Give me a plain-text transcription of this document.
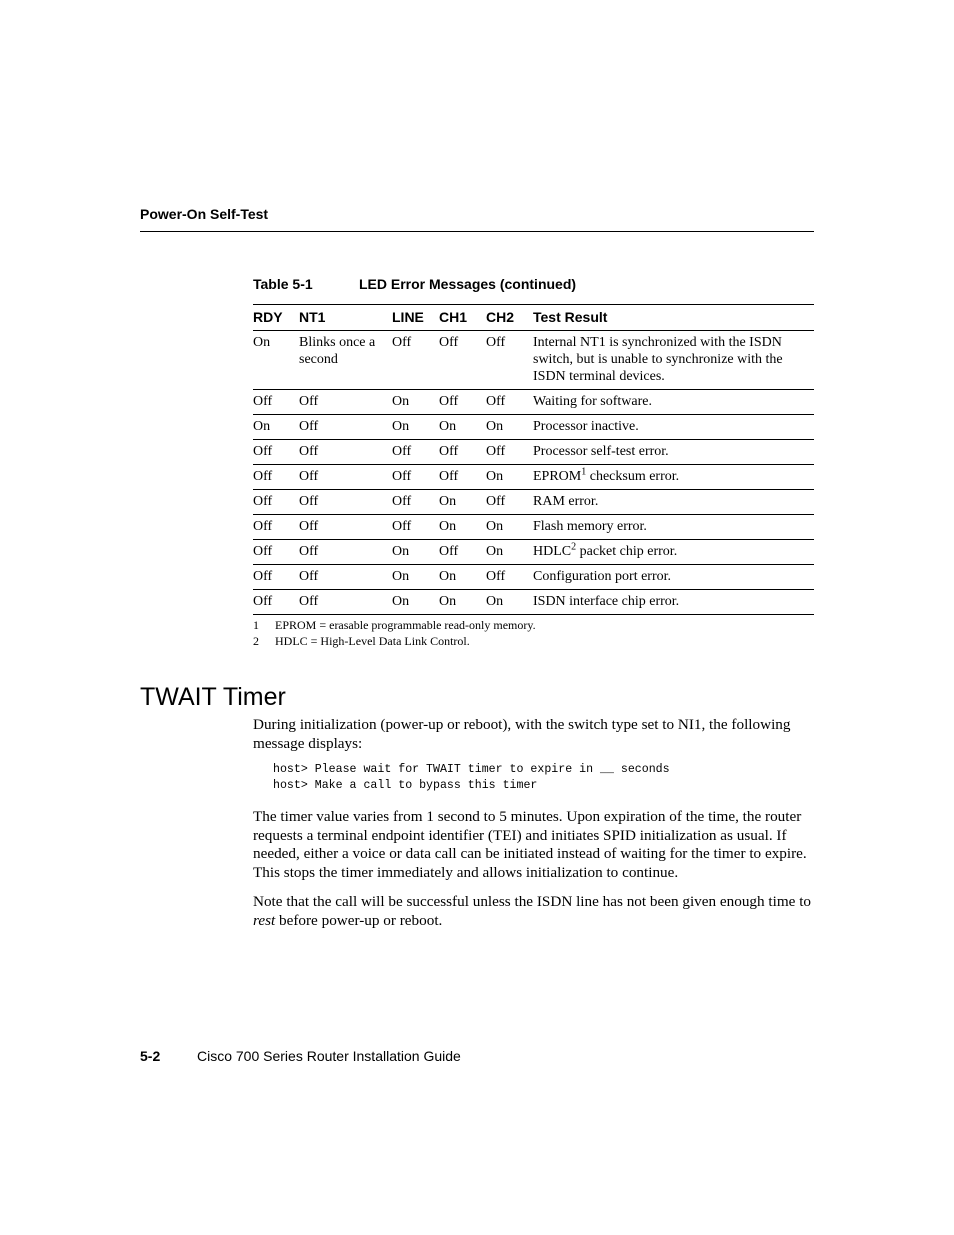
Power-On Self-Test
Table 5-1	LED Error Messages (continued)
RDY	NT1	LINE	CH1	CH2	Test Result
On	Blinks once a second	Off	Off	Off	Internal NT1 is synchronized with the ISDN switch, but is unable to synchronize with the ISDN terminal devices.
Off	Off	On	Off	Off	Waiting for software.
On	Off	On	On	On	Processor inactive.
Off	Off	Off	Off	Off	Processor self-test error.
Off	Off	Off	Off	On	EPROM$^1$ checksum error.
Off	Off	Off	On	Off	RAM error.
Off	Off	Off	On	On	Flash memory error.
Off	Off	On	Off	On	HDLC$^2$ packet chip error.
Off	Off	On	On	Off	Configuration port error.
Off	Off	On	On	On	ISDN interface chip error.
1 EPROM = erasable programmable read-only memory.
2 HDLC = High-Level Data Link Control.
TWAIT Timer

During initialization (power-up or reboot), with the switch type set to NI1, the following message displays:

host> Please wait for TWAIT timer to expire in __ seconds
host> Make a call to bypass this timer

The timer value varies from 1 second to 5 minutes. Upon expiration of the time, the router requests a terminal endpoint identifier (TEI) and initiates SPID initialization as usual. If needed, either a voice or data call can be initiated instead of waiting for the timer to expire. This stops the timer immediately and allows initialization to continue.

Note that the call will be successful unless the ISDN line has not been given enough time to rest before power-up or reboot.

5-2	Cisco 700 Series Router Installation Guide
